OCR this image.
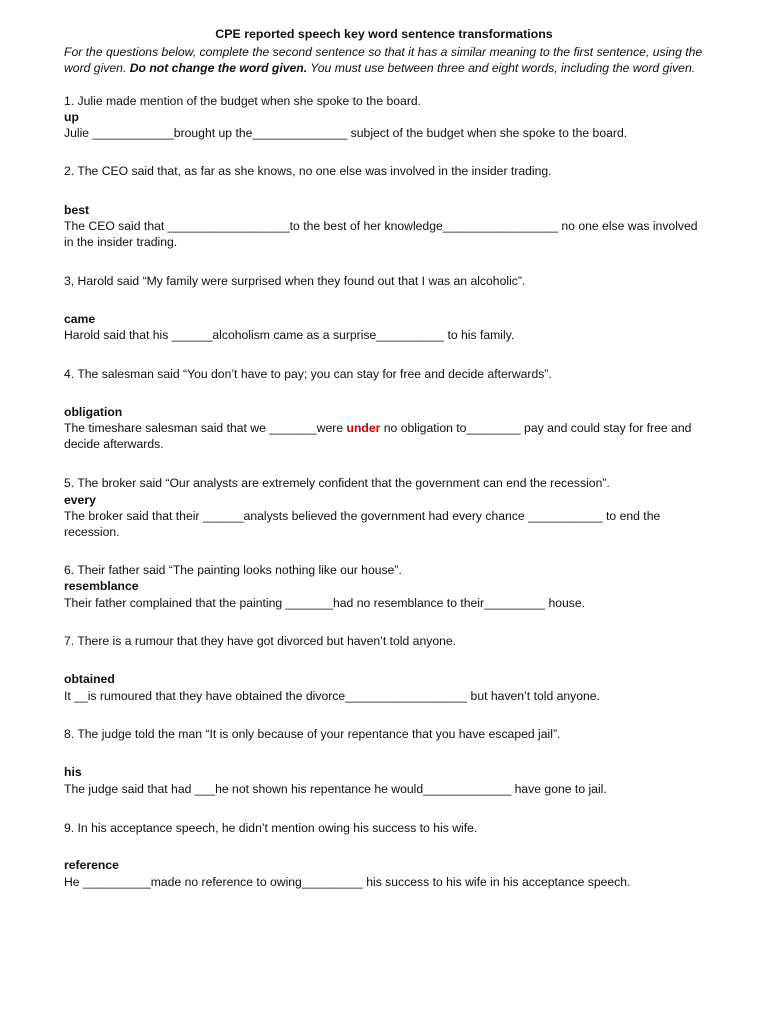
CPE reported speech key word sentence transformations
For the questions below, complete the second sentence so that it has a similar meaning to the first sentence, using the word given. Do not change the word given. You must use between three and eight words, including the word given.
1. Julie made mention of the budget when she spoke to the board.
up
Julie ____________brought up the______________ subject of the budget when she spoke to the board.
2. The CEO said that, as far as she knows, no one else was involved in the insider trading.
best
The CEO said that __________________to the best of her knowledge_________________ no one else was involved in the insider trading.
3, Harold said “My family were surprised when they found out that I was an alcoholic”.
came
Harold said that his ______alcoholism came as a surprise__________ to his family.
4. The salesman said “You don’t have to pay; you can stay for free and decide afterwards”.
obligation
The timeshare salesman said that we _______were under no obligation to________ pay and could stay for free and decide afterwards.
5. The broker said “Our analysts are extremely confident that the government can end the recession”.
every
The broker said that their ______analysts believed the government had every chance ___________ to end the recession.
6. Their father said “The painting looks nothing like our house”.
resemblance
Their father complained that the painting _______had no resemblance to their_________ house.
7. There is a rumour that they have got divorced but haven’t told anyone.
obtained
It __is rumoured that they have obtained the divorce__________________ but haven’t told anyone.
8. The judge told the man “It is only because of your repentance that you have escaped jail”.
his
The judge said that had ___he not shown his repentance he would_____________ have gone to jail.
9. In his acceptance speech, he didn’t mention owing his success to his wife.
reference
He __________made no reference to owing_________ his success to his wife in his acceptance speech.
